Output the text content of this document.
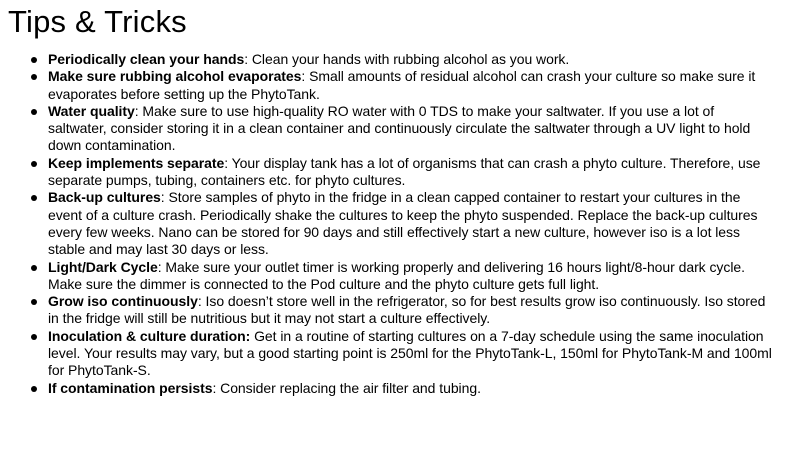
Tips & Tricks
Periodically clean your hands: Clean your hands with rubbing alcohol as you work.
Make sure rubbing alcohol evaporates: Small amounts of residual alcohol can crash your culture so make sure it evaporates before setting up the PhytoTank.
Water quality: Make sure to use high-quality RO water with 0 TDS to make your saltwater. If you use a lot of saltwater, consider storing it in a clean container and continuously circulate the saltwater through a UV light to hold down contamination.
Keep implements separate: Your display tank has a lot of organisms that can crash a phyto culture. Therefore, use separate pumps, tubing, containers etc. for phyto cultures.
Back-up cultures: Store samples of phyto in the fridge in a clean capped container to restart your cultures in the event of a culture crash. Periodically shake the cultures to keep the phyto suspended. Replace the back-up cultures every few weeks. Nano can be stored for 90 days and still effectively start a new culture, however iso is a lot less stable and may last 30 days or less.
Light/Dark Cycle: Make sure your outlet timer is working properly and delivering 16 hours light/8-hour dark cycle. Make sure the dimmer is connected to the Pod culture and the phyto culture gets full light.
Grow iso continuously: Iso doesn’t store well in the refrigerator, so for best results grow iso continuously. Iso stored in the fridge will still be nutritious but it may not start a culture effectively.
Inoculation & culture duration: Get in a routine of starting cultures on a 7-day schedule using the same inoculation level. Your results may vary, but a good starting point is 250ml for the PhytoTank-L, 150ml for PhytoTank-M and 100ml for PhytoTank-S.
If contamination persists: Consider replacing the air filter and tubing.
